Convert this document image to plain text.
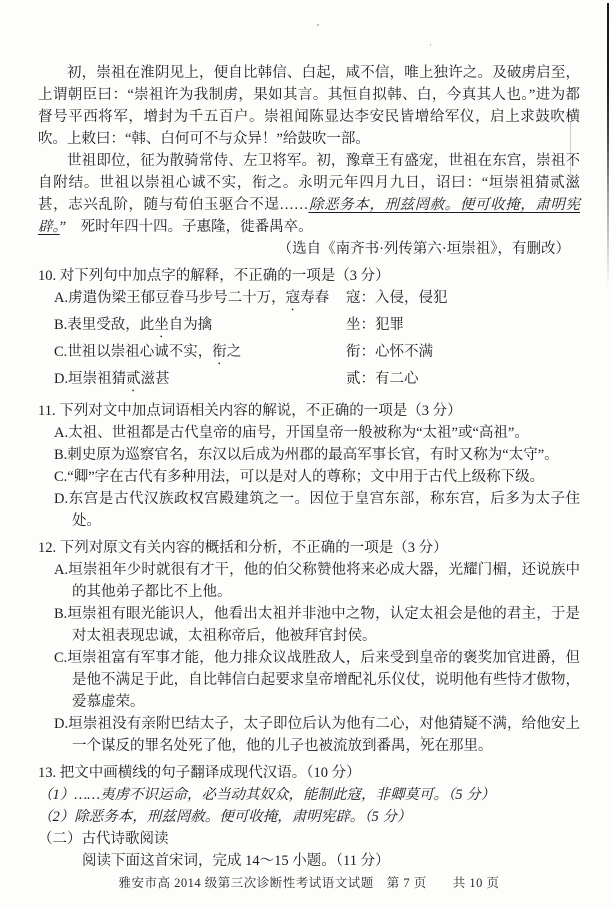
初，崇祖在淮阴见上，便自比韩信、白起，咸不信，唯上独许之。及破虏启至，上谓朝臣曰：“崇祖许为我制虏，果如其言。其恒自拟韩、白，今真其人也。”进为都督号平西将军，增封为千五百户。崇祖闻陈显达李安民皆增给军仪，启上求鼓吹横吹。上敕曰：“韩、白何可不与众异！”给鼓吹一部。

世祖即位，征为散骑常侍、左卫将军。初，豫章王有盛宠，世祖在东宫，崇祖不自附结。世祖以崇祖心诚不实，衔之。永明元年四月九日，诏曰：“垣崇祖猜贰滋甚，志兴乱阶，随与荀伯玉驱合不逞……除恶务本，刑兹罔赦。便可收掩，肃明宪辟。”　死时年四十四。子惠隆，徙番禺卒。

（选自《南齐书·列传第六·垣崇祖》，有删改）

10. 对下列句中加点字的解释，不正确的一项是（3 分）

A.虏遣伪梁王郁豆眷马步号二十万，寇寿春	寇：入侵，侵犯
B.表里受敌，此坐自为擒	坐：犯罪
C.世祖以崇祖心诚不实，衔之	衔：心怀不满
D.垣崇祖猜贰滋甚	贰：有二心

11. 下列对文中加点词语相关内容的解说，不正确的一项是（3 分）

A.太祖、世祖都是古代皇帝的庙号，开国皇帝一般被称为“太祖”或“高祖”。

B.刺史原为巡察官名，东汉以后成为州郡的最高军事长官，有时又称为“太守”。

C.“卿”字在古代有多种用法，可以是对人的尊称；文中用于古代上级称下级。

D.东宫是古代汉族政权宫殿建筑之一。因位于皇宫东部，称东宫，后多为太子住处。

12. 下列对原文有关内容的概括和分析，不正确的一项是（3 分）

A.垣崇祖年少时就很有才干，他的伯父称赞他将来必成大器，光耀门楣，还说族中的其他弟子都比不上他。

B.垣崇祖有眼光能识人，他看出太祖并非池中之物，认定太祖会是他的君主，于是对太祖表现忠诚，太祖称帝后，他被拜官封侯。

C.垣崇祖富有军事才能，他力排众议战胜敌人，后来受到皇帝的褒奖加官进爵，但是他不满足于此，自比韩信白起要求皇帝增配礼乐仪仗，说明他有些恃才傲物，爱慕虚荣。

D.垣崇祖没有亲附巴结太子，太子即位后认为他有二心，对他猜疑不满，给他安上一个谋反的罪名处死了他，他的儿子也被流放到番禺，死在那里。

13. 把文中画横线的句子翻译成现代汉语。（10 分）

（1）……夷虏不识运命，必当动其奴众，能制此寇，非卿莫可。（5 分）

（2）除恶务本，刑兹罔赦。便可收掩，肃明宪辟。（5 分）

（二）古代诗歌阅读

阅读下面这首宋词，完成 14～15 小题。（11 分）

雅安市高 2014 级第三次诊断性考试语文试题　第 7 页　　共 10 页
